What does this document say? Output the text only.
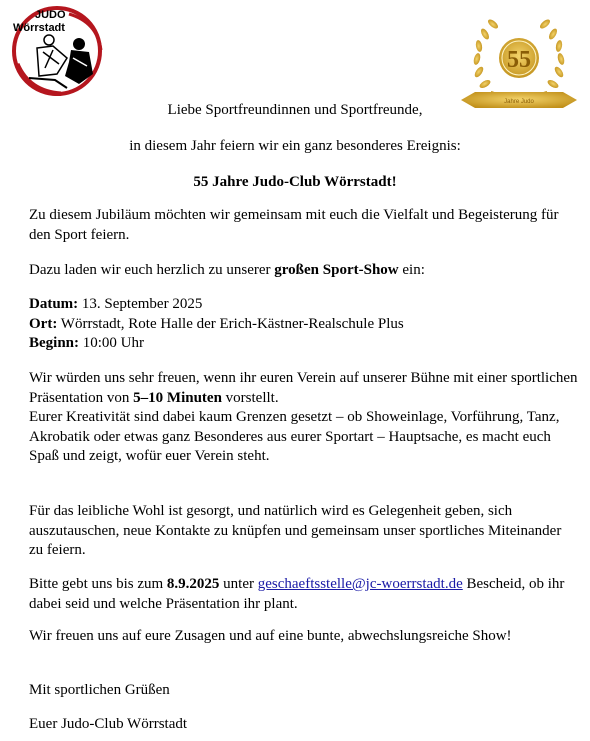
JUDO
Wörrstadt
55
Jahre Judo
Liebe Sportfreundinnen und Sportfreunde,
in diesem Jahr feiern wir ein ganz besonderes Ereignis:
55 Jahre Judo-Club Wörrstadt!
Zu diesem Jubiläum möchten wir gemeinsam mit euch die Vielfalt und Begeisterung für den Sport feiern.
Dazu laden wir euch herzlich zu unserer großen Sport-Show ein:

Datum: 13. September 2025

Ort: Wörrstadt, Rote Halle der Erich-Kästner-Realschule Plus

Beginn: 10:00 Uhr

Wir würden uns sehr freuen, wenn ihr euren Verein auf unserer Bühne mit einer sportlichen Präsentation von 5–10 Minuten vorstellt.

Eurer Kreativität sind dabei kaum Grenzen gesetzt – ob Showeinlage, Vorführung, Tanz, Akrobatik oder etwas ganz Besonderes aus eurer Sportart – Hauptsache, es macht euch Spaß und zeigt, wofür euer Verein steht.

Für das leibliche Wohl ist gesorgt, und natürlich wird es Gelegenheit geben, sich auszutauschen, neue Kontakte zu knüpfen und gemeinsam unser sportliches Miteinander zu feiern.
Bitte gebt uns bis zum 8.9.2025 unter geschaeftsstelle@jc-woerrstadt.de Bescheid, ob ihr dabei seid und welche Präsentation ihr plant.
Wir freuen uns auf eure Zusagen und auf eine bunte, abwechslungsreiche Show!
Mit sportlichen Grüßen
Euer Judo-Club Wörrstadt
